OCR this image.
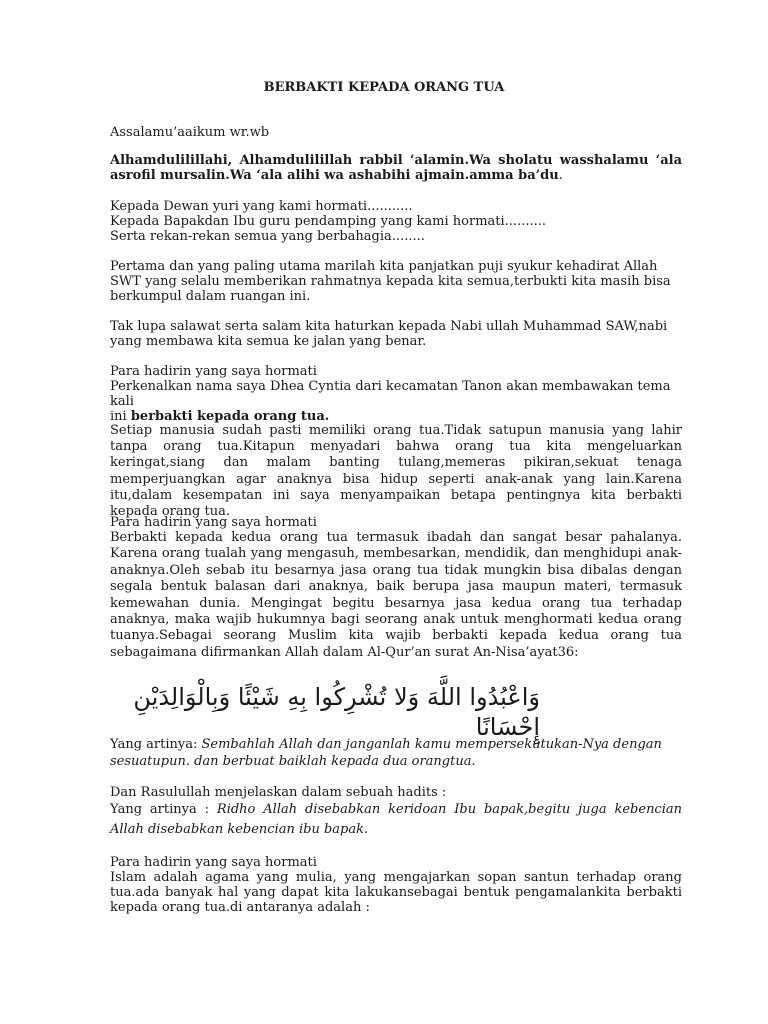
BERBAKTI KEPADA ORANG TUA

Assalamu’aaikum wr.wb

Alhamdulilillahi, Alhamdulilillah rabbil ‘alamin.Wa sholatu wasshalamu ‘ala asrofil mursalin.Wa ‘ala alihi wa ashabihi ajmain.amma ba’du.

Kepada Dewan yuri yang kami hormati...........
Kepada Bapakdan Ibu guru pendamping yang kami hormati..........
Serta rekan-rekan semua yang berbahagia........

Pertama dan yang paling utama marilah kita panjatkan puji syukur kehadirat Allah SWT yang selalu memberikan rahmatnya kepada kita semua,terbukti kita masih bisa berkumpul dalam ruangan ini.

Tak lupa salawat serta salam kita haturkan kepada Nabi ullah Muhammad SAW,nabi yang membawa kita semua ke jalan yang benar.

Para hadirin yang saya hormati
Perkenalkan nama saya Dhea Cyntia dari kecamatan Tanon akan membawakan tema kali
ini berbakti kepada orang tua.

Setiap manusia sudah pasti memiliki orang tua.Tidak satupun manusia yang lahir tanpa orang tua.Kitapun menyadari bahwa orang tua kita mengeluarkan keringat,siang dan malam banting tulang,memeras pikiran,sekuat tenaga memperjuangkan agar anaknya bisa hidup seperti anak-anak yang lain.Karena itu,dalam kesempatan ini saya menyampaikan betapa pentingnya kita berbakti kepada orang tua.

Para hadirin yang saya hormati

Berbakti kepada kedua orang tua termasuk ibadah dan sangat besar pahalanya. Karena orang tualah yang mengasuh, membesarkan, mendidik, dan menghidupi anak-anaknya.Oleh sebab itu besarnya jasa orang tua tidak mungkin bisa dibalas dengan segala bentuk balasan dari anaknya, baik berupa jasa maupun materi, termasuk kemewahan dunia. Mengingat begitu besarnya jasa kedua orang tua terhadap anaknya, maka wajib hukumnya bagi seorang anak untuk menghormati kedua orang tuanya.Sebagai seorang Muslim kita wajib berbakti kepada kedua orang tua sebagaimana difirmankan Allah dalam Al-Qur’an surat An-Nisa’ayat36:

وَاعْبُدُوا اللَّهَ وَلا تُشْرِكُوا بِهِ شَيْئًا وَبِالْوَالِدَيْنِ إِحْسَانًا

Yang artinya: Sembahlah Allah dan janganlah kamu mempersekutukan-Nya dengan sesuatupun. dan berbuat baiklah kepada dua orangtua.

Dan Rasulullah menjelaskan dalam sebuah hadits :

Yang artinya : Ridho Allah disebabkan keridoan Ibu bapak,begitu juga kebencian Allah disebabkan kebencian ibu bapak.

Para hadirin yang saya hormati

Islam adalah agama yang mulia, yang mengajarkan sopan santun terhadap orang tua.ada banyak hal yang dapat kita lakukansebagai bentuk pengamalankita berbakti kepada orang tua.di antaranya adalah :
